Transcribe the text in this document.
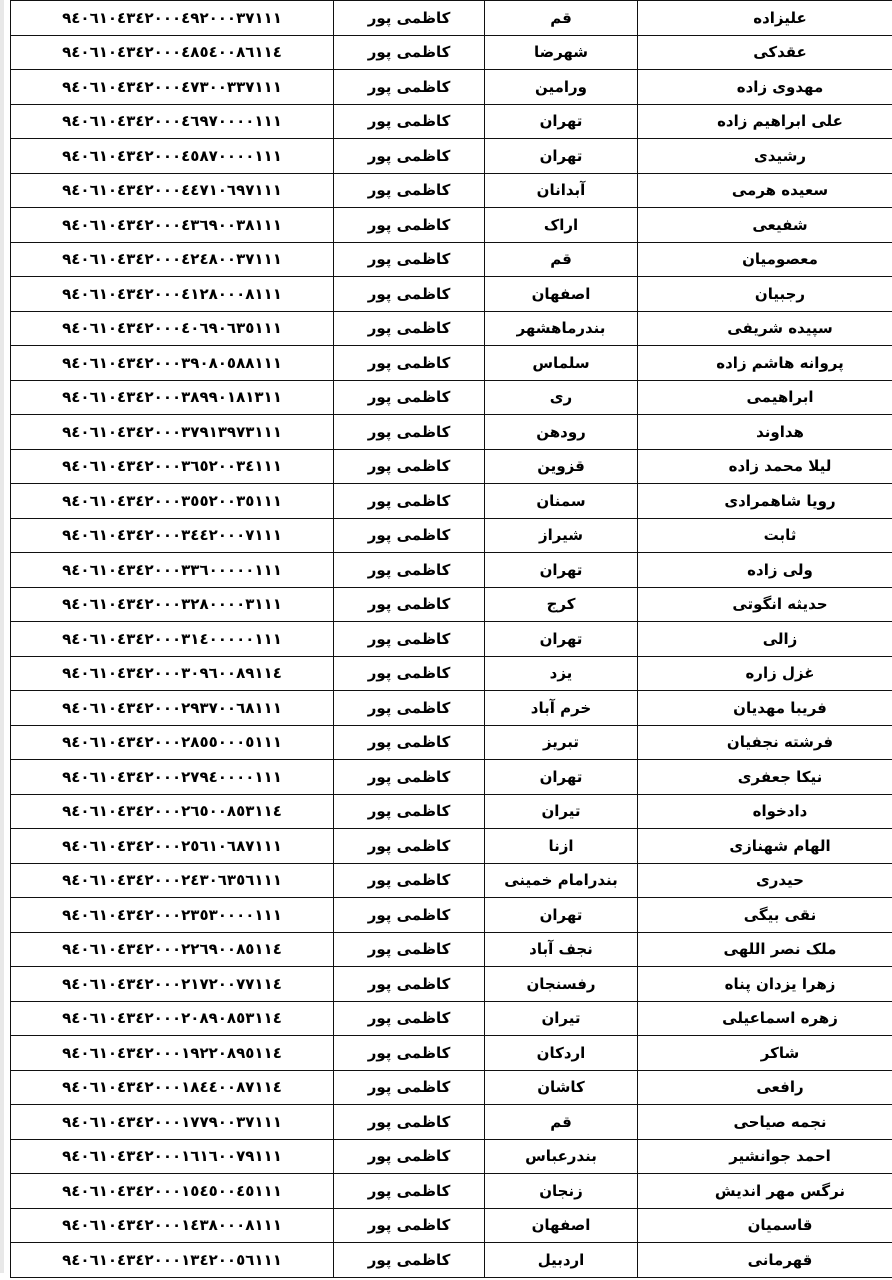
٩٤٠٦١٠٤٣٤٢٠٠٠٤٩٢٠٠٠٣٧١١١	کاظمی پور	قم	علیزاده
٩٤٠٦١٠٤٣٤٢٠٠٠٤٨٥٤٠٠٨٦١١٤	کاظمی پور	شهرضا	عقدکی
٩٤٠٦١٠٤٣٤٢٠٠٠٤٧٣٠٠٣٣٧١١١	کاظمی پور	ورامین	مهدوی زاده
٩٤٠٦١٠٤٣٤٢٠٠٠٤٦٩٧٠٠٠٠١١١	کاظمی پور	تهران	علی ابراهیم زاده
٩٤٠٦١٠٤٣٤٢٠٠٠٤٥٨٧٠٠٠٠١١١	کاظمی پور	تهران	رشیدی
٩٤٠٦١٠٤٣٤٢٠٠٠٤٤٧١٠٦٩٧١١١	کاظمی پور	آبدانان	سعیده هرمی
٩٤٠٦١٠٤٣٤٢٠٠٠٤٣٦٩٠٠٣٨١١١	کاظمی پور	اراک	شفیعی
٩٤٠٦١٠٤٣٤٢٠٠٠٤٢٤٨٠٠٣٧١١١	کاظمی پور	قم	معصومیان
٩٤٠٦١٠٤٣٤٢٠٠٠٤١٢٨٠٠٠٨١١١	کاظمی پور	اصفهان	رجبیان
٩٤٠٦١٠٤٣٤٢٠٠٠٤٠٦٩٠٦٣٥١١١	کاظمی پور	بندرماهشهر	سپیده شریفی
٩٤٠٦١٠٤٣٤٢٠٠٠٣٩٠٨٠٥٨٨١١١	کاظمی پور	سلماس	پروانه هاشم زاده
٩٤٠٦١٠٤٣٤٢٠٠٠٣٨٩٩٠١٨١٣١١	کاظمی پور	ری	ابراهیمی
٩٤٠٦١٠٤٣٤٢٠٠٠٣٧٩١٣٩٧٣١١١	کاظمی پور	رودهن	هداوند
٩٤٠٦١٠٤٣٤٢٠٠٠٣٦٥٢٠٠٣٤١١١	کاظمی پور	قزوین	لیلا محمد زاده
٩٤٠٦١٠٤٣٤٢٠٠٠٣٥٥٢٠٠٣٥١١١	کاظمی پور	سمنان	رویا شاهمرادی
٩٤٠٦١٠٤٣٤٢٠٠٠٣٤٤٢٠٠٠٧١١١	کاظمی پور	شیراز	ثابت
٩٤٠٦١٠٤٣٤٢٠٠٠٣٣٦٠٠٠٠٠١١١	کاظمی پور	تهران	ولی زاده
٩٤٠٦١٠٤٣٤٢٠٠٠٣٢٨٠٠٠٠٣١١١	کاظمی پور	کرج	حدیثه انگوتی
٩٤٠٦١٠٤٣٤٢٠٠٠٣١٤٠٠٠٠٠١١١	کاظمی پور	تهران	زالی
٩٤٠٦١٠٤٣٤٢٠٠٠٣٠٩٦٠٠٨٩١١٤	کاظمی پور	یزد	غزل زاره
٩٤٠٦١٠٤٣٤٢٠٠٠٢٩٣٧٠٠٦٨١١١	کاظمی پور	خرم آباد	فریبا مهدیان
٩٤٠٦١٠٤٣٤٢٠٠٠٢٨٥٥٠٠٠٥١١١	کاظمی پور	تبریز	فرشته نجفیان
٩٤٠٦١٠٤٣٤٢٠٠٠٢٧٩٤٠٠٠٠١١١	کاظمی پور	تهران	نیکا جعفری
٩٤٠٦١٠٤٣٤٢٠٠٠٢٦٥٠٠٨٥٣١١٤	کاظمی پور	تیران	دادخواه
٩٤٠٦١٠٤٣٤٢٠٠٠٢٥٦١٠٦٨٧١١١	کاظمی پور	ازنا	الهام شهنازی
٩٤٠٦١٠٤٣٤٢٠٠٠٢٤٣٠٦٣٥٦١١١	کاظمی پور	بندرامام خمینی	حیدری
٩٤٠٦١٠٤٣٤٢٠٠٠٢٣٥٣٠٠٠٠١١١	کاظمی پور	تهران	نقی بیگی
٩٤٠٦١٠٤٣٤٢٠٠٠٢٢٦٩٠٠٨٥١١٤	کاظمی پور	نجف آباد	ملک نصر اللهی
٩٤٠٦١٠٤٣٤٢٠٠٠٢١٧٢٠٠٧٧١١٤	کاظمی پور	رفسنجان	زهرا یزدان پناه
٩٤٠٦١٠٤٣٤٢٠٠٠٢٠٨٩٠٨٥٣١١٤	کاظمی پور	تیران	زهره اسماعیلی
٩٤٠٦١٠٤٣٤٢٠٠٠١٩٢٢٠٨٩٥١١٤	کاظمی پور	اردکان	شاکر
٩٤٠٦١٠٤٣٤٢٠٠٠١٨٤٤٠٠٨٧١١٤	کاظمی پور	کاشان	رافعی
٩٤٠٦١٠٤٣٤٢٠٠٠١٧٧٩٠٠٣٧١١١	کاظمی پور	قم	نجمه صیاحی
٩٤٠٦١٠٤٣٤٢٠٠٠١٦١٦٠٠٧٩١١١	کاظمی پور	بندرعباس	احمد جوانشیر
٩٤٠٦١٠٤٣٤٢٠٠٠١٥٤٥٠٠٤٥١١١	کاظمی پور	زنجان	نرگس مهر اندیش
٩٤٠٦١٠٤٣٤٢٠٠٠١٤٣٨٠٠٠٨١١١	کاظمی پور	اصفهان	قاسمیان
٩٤٠٦١٠٤٣٤٢٠٠٠١٣٤٢٠٠٥٦١١١	کاظمی پور	اردبیل	قهرمانی
